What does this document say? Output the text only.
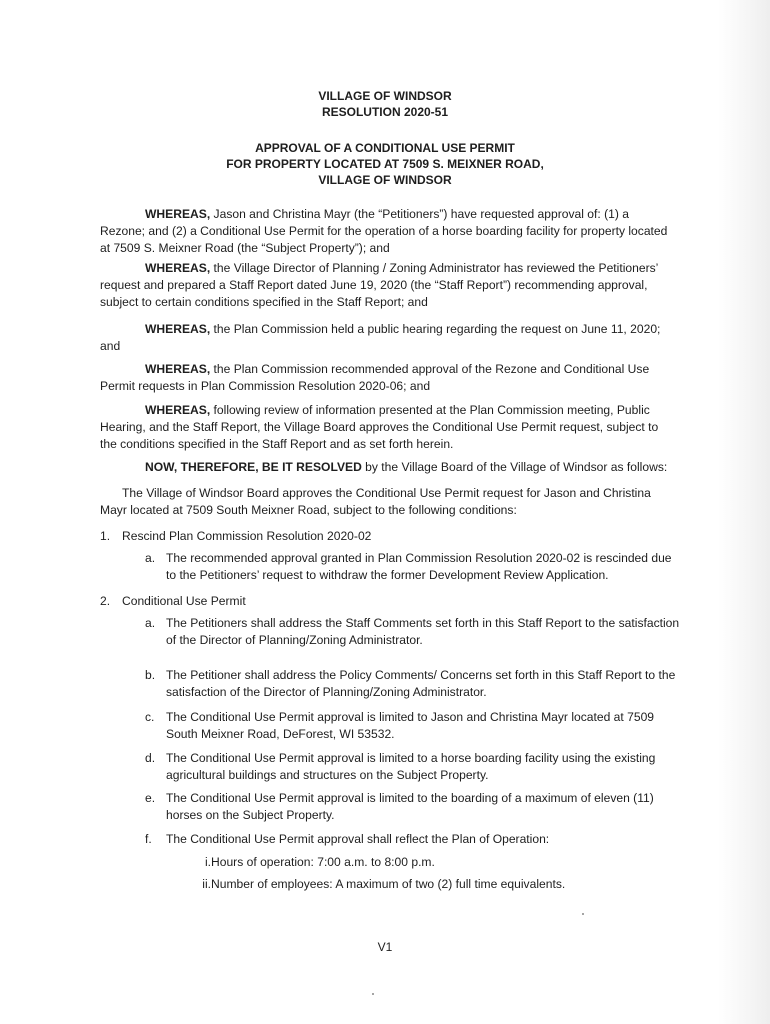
VILLAGE OF WINDSOR
RESOLUTION 2020-51
APPROVAL OF A CONDITIONAL USE PERMIT
FOR PROPERTY LOCATED AT 7509 S. MEIXNER ROAD,
VILLAGE OF WINDSOR

WHEREAS, Jason and Christina Mayr (the “Petitioners”) have requested approval of: (1) a Rezone; and (2) a Conditional Use Permit for the operation of a horse boarding facility for property located at 7509 S. Meixner Road (the “Subject Property”); and

WHEREAS, the Village Director of Planning / Zoning Administrator has reviewed the Petitioners’ request and prepared a Staff Report dated June 19, 2020 (the “Staff Report”) recommending approval, subject to certain conditions specified in the Staff Report; and

WHEREAS, the Plan Commission held a public hearing regarding the request on June 11, 2020; and

WHEREAS, the Plan Commission recommended approval of the Rezone and Conditional Use Permit requests in Plan Commission Resolution 2020-06; and

WHEREAS, following review of information presented at the Plan Commission meeting, Public Hearing, and the Staff Report, the Village Board approves the Conditional Use Permit request, subject to the conditions specified in the Staff Report and as set forth herein.

NOW, THEREFORE, BE IT RESOLVED by the Village Board of the Village of Windsor as follows:

The Village of Windsor Board approves the Conditional Use Permit request for Jason and Christina Mayr located at 7509 South Meixner Road, subject to the following conditions:

1. Rescind Plan Commission Resolution 2020-02
a. The recommended approval granted in Plan Commission Resolution 2020-02 is rescinded due to the Petitioners’ request to withdraw the former Development Review Application.
2. Conditional Use Permit
a. The Petitioners shall address the Staff Comments set forth in this Staff Report to the satisfaction of the Director of Planning/Zoning Administrator.
b. The Petitioner shall address the Policy Comments/ Concerns set forth in this Staff Report to the satisfaction of the Director of Planning/Zoning Administrator.
c. The Conditional Use Permit approval is limited to Jason and Christina Mayr located at 7509 South Meixner Road, DeForest, WI 53532.
d. The Conditional Use Permit approval is limited to a horse boarding facility using the existing agricultural buildings and structures on the Subject Property.
e. The Conditional Use Permit approval is limited to the boarding of a maximum of eleven (11) horses on the Subject Property.
f.	The Conditional Use Permit approval shall reflect the Plan of Operation:
i. Hours of operation: 7:00 a.m. to 8:00 p.m.
ii. Number of employees: A maximum of two (2) full time equivalents.
V1
